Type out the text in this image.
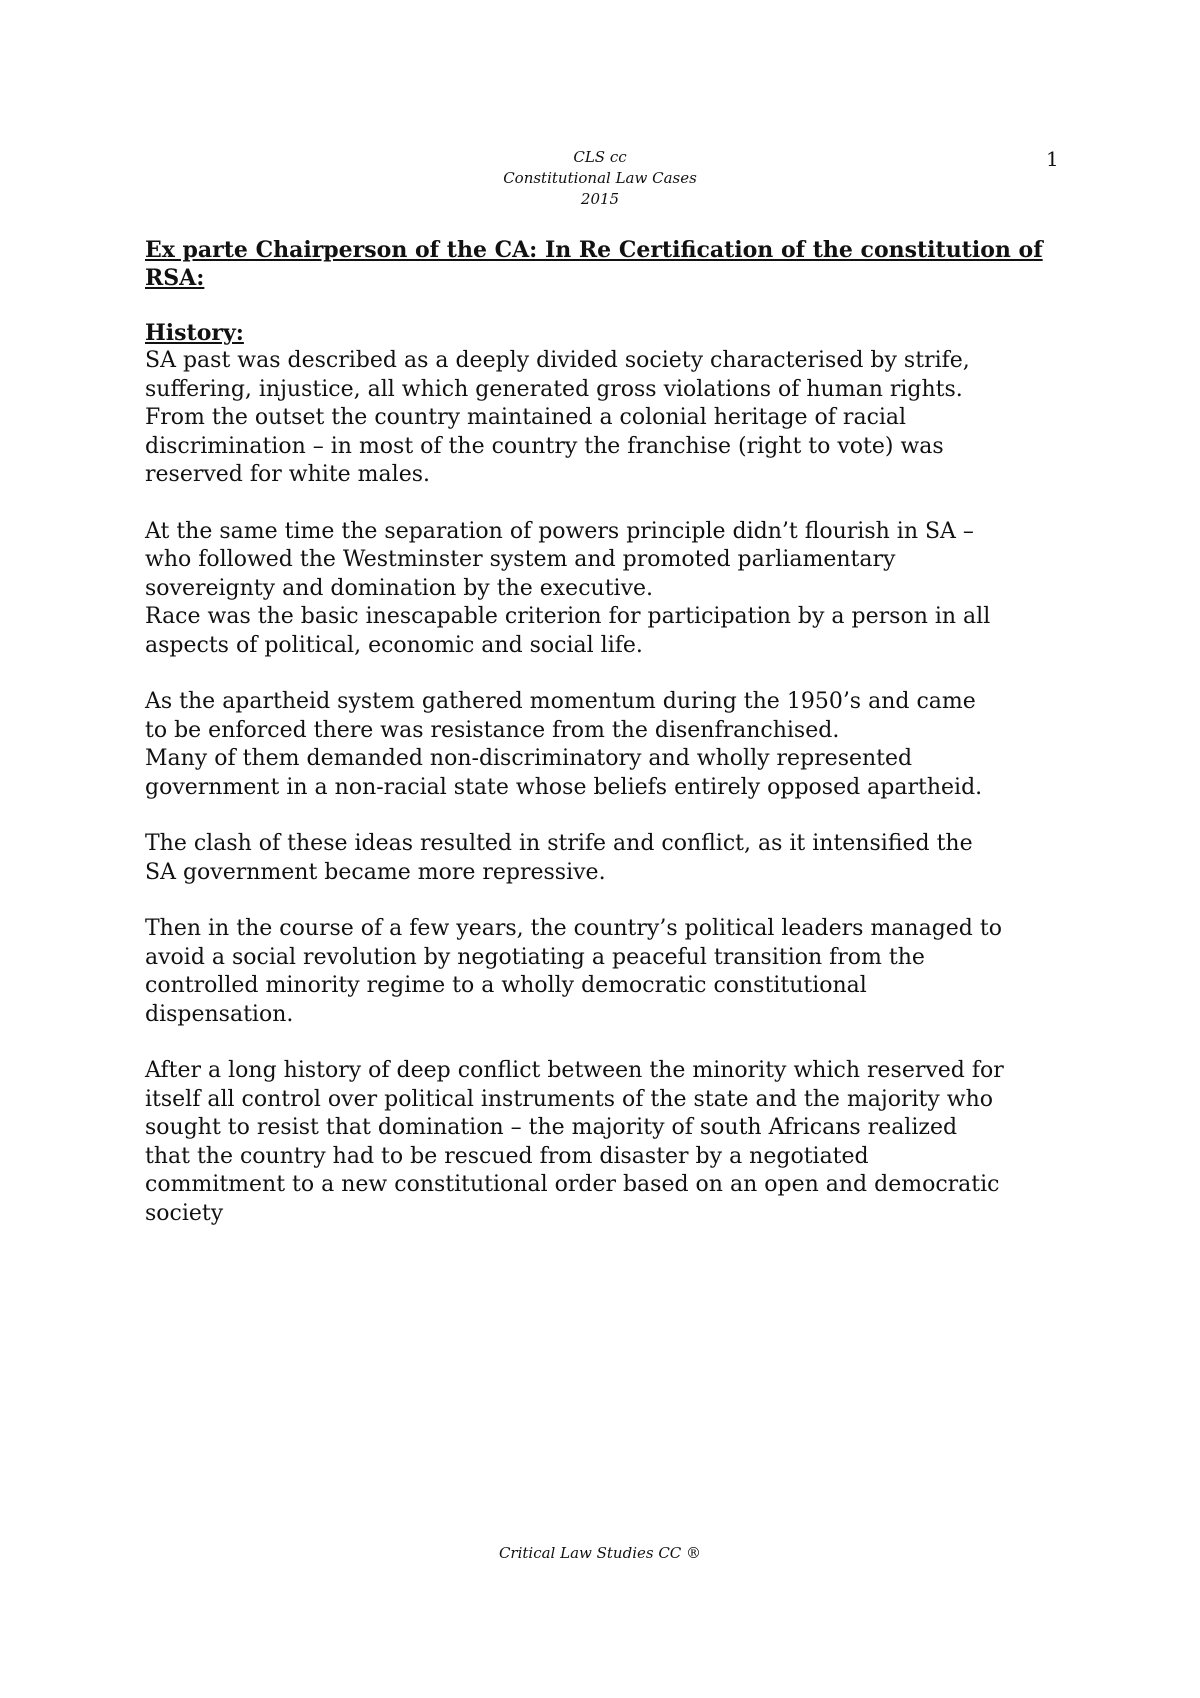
CLS cc
Constitutional Law Cases
2015
1
Ex parte Chairperson of the CA: In Re Certification of the constitution of RSA:
History:

SA past was described as a deeply divided society characterised by strife,
suffering, injustice, all which generated gross violations of human rights.
From the outset the country maintained a colonial heritage of racial
discrimination – in most of the country the franchise (right to vote) was
reserved for white males.

At the same time the separation of powers principle didn’t flourish in SA –
who followed the Westminster system and promoted parliamentary
sovereignty and domination by the executive.
Race was the basic inescapable criterion for participation by a person in all
aspects of political, economic and social life.

As the apartheid system gathered momentum during the 1950’s and came
to be enforced there was resistance from the disenfranchised.
Many of them demanded non-discriminatory and wholly represented
government in a non-racial state whose beliefs entirely opposed apartheid.

The clash of these ideas resulted in strife and conflict, as it intensified the
SA government became more repressive.

Then in the course of a few years, the country’s political leaders managed to
avoid a social revolution by negotiating a peaceful transition from the
controlled minority regime to a wholly democratic constitutional
dispensation.

After a long history of deep conflict between the minority which reserved for
itself all control over political instruments of the state and the majority who
sought to resist that domination – the majority of south Africans realized
that the country had to be rescued from disaster by a negotiated
commitment to a new constitutional order based on an open and democratic
society

Critical Law Studies CC ®
